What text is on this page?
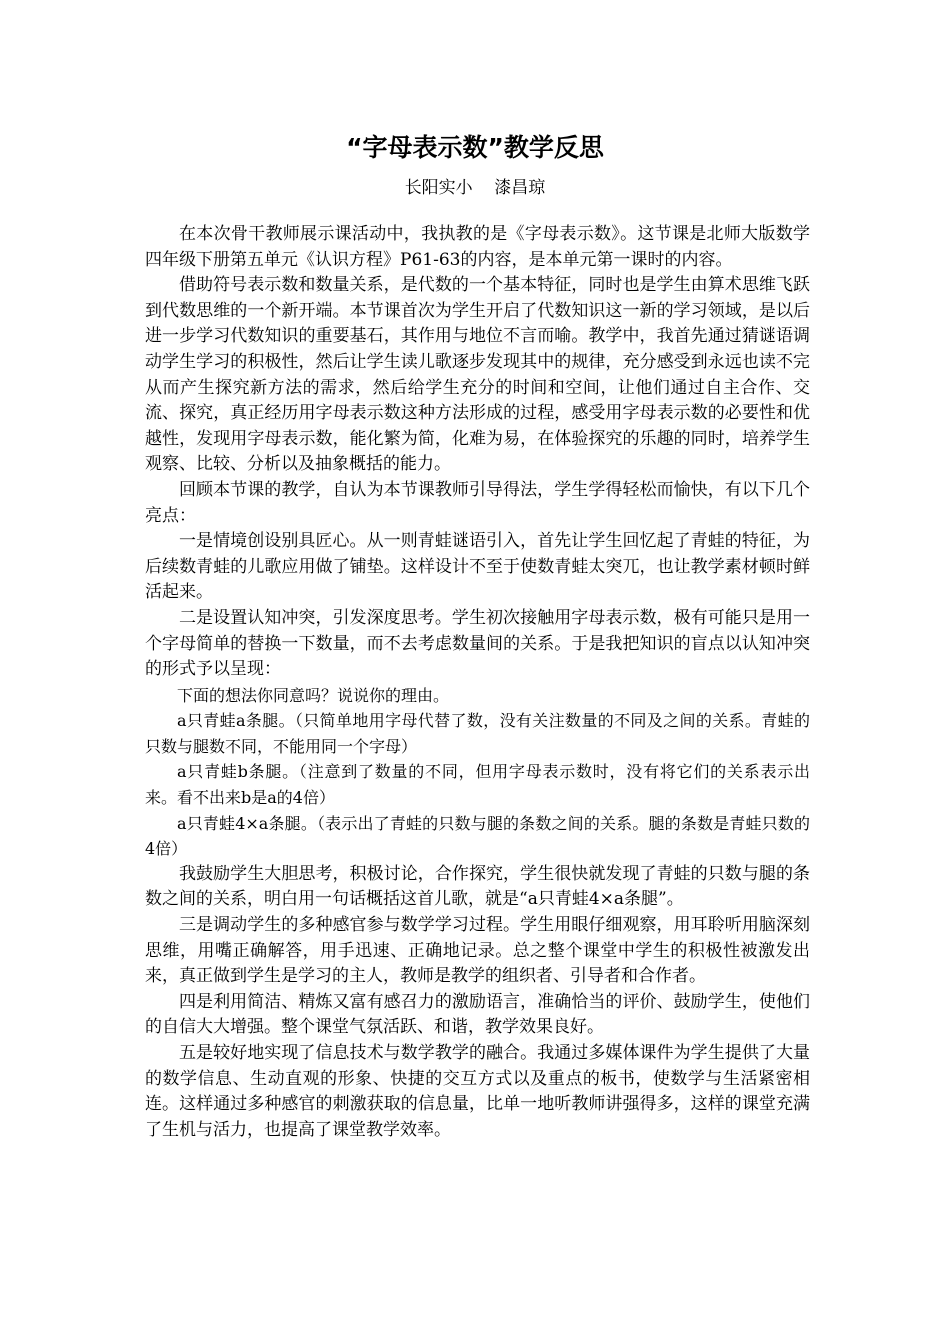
“字母表示数”教学反思
长阳实小    漆昌琼

在本次骨干教师展示课活动中，我执教的是《字母表示数》。这节课是北师大版数学四年级下册第五单元《认识方程》P61-63的内容，是本单元第一课时的内容。

借助符号表示数和数量关系，是代数的一个基本特征，同时也是学生由算术思维飞跃到代数思维的一个新开端。本节课首次为学生开启了代数知识这一新的学习领域，是以后进一步学习代数知识的重要基石，其作用与地位不言而喻。教学中，我首先通过猜谜语调动学生学习的积极性，然后让学生读儿歌逐步发现其中的规律，充分感受到永远也读不完从而产生探究新方法的需求，然后给学生充分的时间和空间，让他们通过自主合作、交流、探究，真正经历用字母表示数这种方法形成的过程，感受用字母表示数的必要性和优越性，发现用字母表示数，能化繁为简，化难为易，在体验探究的乐趣的同时，培养学生观察、比较、分析以及抽象概括的能力。

回顾本节课的教学，自认为本节课教师引导得法，学生学得轻松而愉快，有以下几个亮点：

一是情境创设别具匠心。从一则青蛙谜语引入，首先让学生回忆起了青蛙的特征，为后续数青蛙的儿歌应用做了铺垫。这样设计不至于使数青蛙太突兀，也让教学素材顿时鲜活起来。

二是设置认知冲突，引发深度思考。学生初次接触用字母表示数，极有可能只是用一个字母简单的替换一下数量，而不去考虑数量间的关系。于是我把知识的盲点以认知冲突的形式予以呈现：

下面的想法你同意吗？说说你的理由。

a只青蛙a条腿。（只简单地用字母代替了数，没有关注数量的不同及之间的关系。青蛙的只数与腿数不同，不能用同一个字母）

a只青蛙b条腿。（注意到了数量的不同，但用字母表示数时，没有将它们的关系表示出来。看不出来b是a的4倍）

a只青蛙4×a条腿。（表示出了青蛙的只数与腿的条数之间的关系。腿的条数是青蛙只数的4倍）

我鼓励学生大胆思考，积极讨论，合作探究，学生很快就发现了青蛙的只数与腿的条数之间的关系，明白用一句话概括这首儿歌，就是“a只青蛙4×a条腿”。

三是调动学生的多种感官参与数学学习过程。学生用眼仔细观察，用耳聆听用脑深刻思维，用嘴正确解答，用手迅速、正确地记录。总之整个课堂中学生的积极性被激发出来，真正做到学生是学习的主人，教师是教学的组织者、引导者和合作者。

四是利用简洁、精炼又富有感召力的激励语言，准确恰当的评价、鼓励学生，使他们的自信大大增强。整个课堂气氛活跃、和谐，教学效果良好。

五是较好地实现了信息技术与数学教学的融合。我通过多媒体课件为学生提供了大量的数学信息、生动直观的形象、快捷的交互方式以及重点的板书，使数学与生活紧密相连。这样通过多种感官的刺激获取的信息量，比单一地听教师讲强得多，这样的课堂充满了生机与活力，也提高了课堂教学效率。
